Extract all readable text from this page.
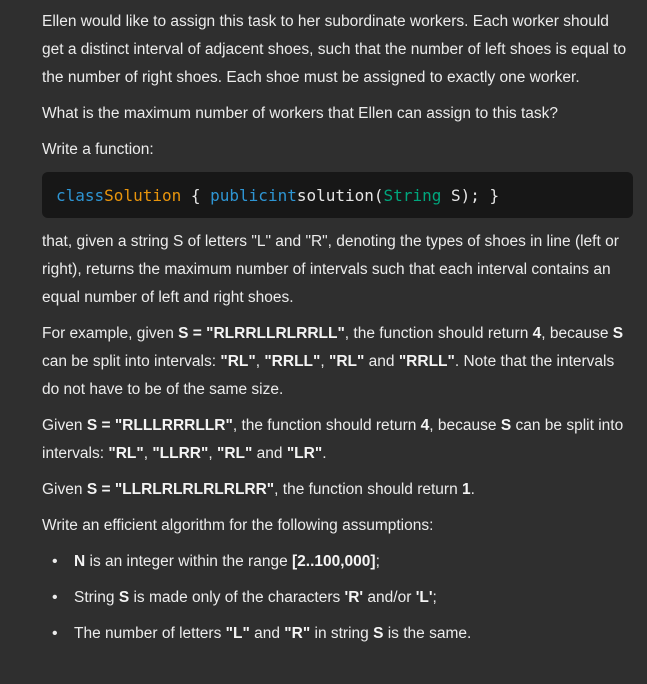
Ellen would like to assign this task to her subordinate workers. Each worker should get a distinct interval of adjacent shoes, such that the number of left shoes is equal to the number of right shoes. Each shoe must be assigned to exactly one worker.

What is the maximum number of workers that Ellen can assign to this task?

Write a function:

class Solution { public int solution ( String S ); }

that, given a string S of letters "L" and "R", denoting the types of shoes in line (left or right), returns the maximum number of intervals such that each interval contains an equal number of left and right shoes.

For example, given S = "RLRRLLRLRRLL", the function should return 4, because S can be split into intervals: "RL", "RRLL", "RL" and "RRLL". Note that the intervals do not have to be of the same size.

Given S = "RLLLRRRLLR", the function should return 4, because S can be split into intervals: "RL", "LLRR", "RL" and "LR".

Given S = "LLRLRLRLRLRLRR", the function should return 1.

Write an efficient algorithm for the following assumptions:

• N is an integer within the range [2..100,000];
• String S is made only of the characters 'R' and/or 'L';
• The number of letters "L" and "R" in string S is the same.
